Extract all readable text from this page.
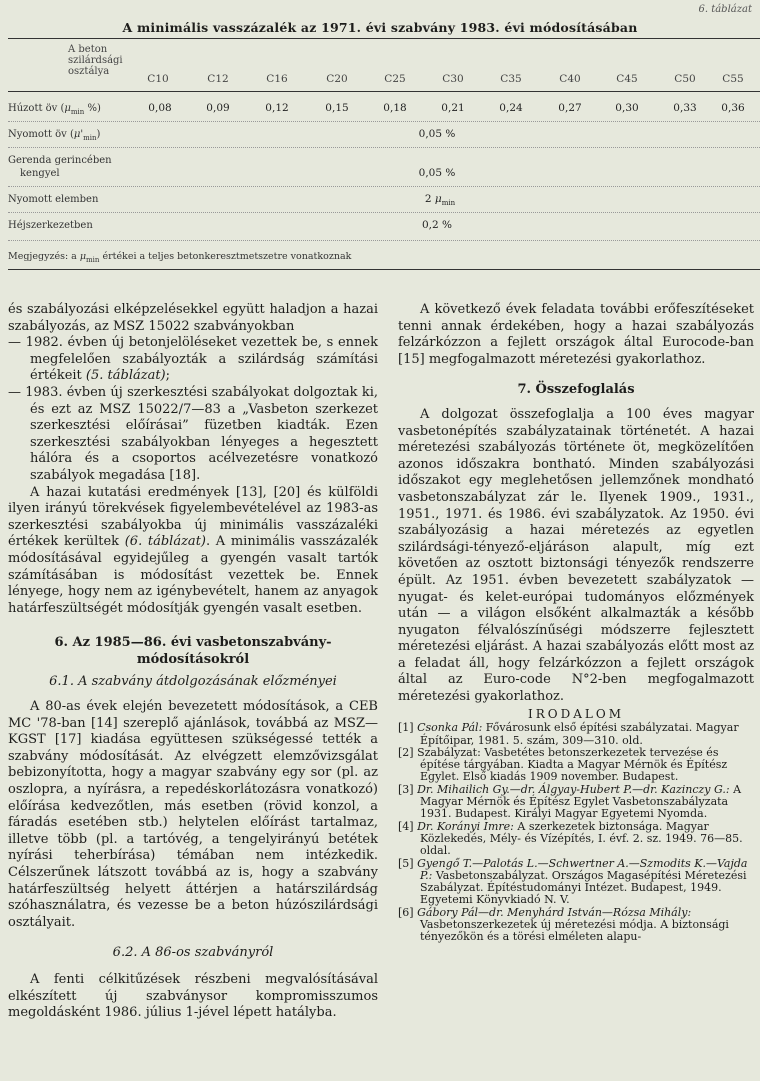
6. táblázat
A minimális vasszázalék az 1971. évi szabvány 1983. évi módosításában
A beton
szilárdsági
osztálya
C10	C12	C16	C20	C25	C30	C35	C40	C45	C50	C55
Húzott öv ($\mu_{min}$ %)	0,08	0,09	0,12	0,15	0,18	0,21	0,24	0,27	0,30	0,33 0,36
Nyomott öv $(\mu'_{min})$	0,05 %
Gerenda gerincében
kengyel	0,05 %
Nyomott elemben	2 $\mu_{min}$
Héjszerkezetben	0,2 %
Megjegyzés: a $\mu_{min}$ értékei a teljes betonkeresztmetszetre vonatkoznak

és szabályozási elképzelésekkel együtt haladjon a hazai szabályozás, az MSZ 15022 szabványokban

— 1982. évben új betonjelöléseket vezettek be, s ennek megfelelően szabályozták a szilárdság számítási értékeit (5. táblázat);

— 1983. évben új szerkesztési szabályokat dolgoztak ki, és ezt az MSZ 15022/7—83 a „Vasbeton szerkezet szerkesztési előírásai” füzetben kiadták. Ezen szerkesztési szabályokban lényeges a hegesztett hálóra és a csoportos acélvezetésre vonatkozó szabályok megadása [18].

A hazai kutatási eredmények [13], [20] és külföldi ilyen irányú törekvések figyelembevételével az 1983-as szerkesztési szabályokba új minimális vasszázaléki értékek kerültek (6. táblázat). A minimális vasszázalék módosításával egyidejűleg a gyengén vasalt tartók számításában is módosítást vezettek be. Ennek lényege, hogy nem az igénybevételt, hanem az anyagok határfeszültségét módosítják gyengén vasalt esetben.

6. Az 1985—86. évi vasbetonszabvány-módosításokról

6.1. A szabvány átdolgozásának előzményei

A 80-as évek elején bevezetett módosítások, a CEB MC '78-ban [14] szereplő ajánlások, továbbá az MSZ—KGST [17] kiadása együttesen szükségessé tették a szabvány módosítását. Az elvégzett elemzővizsgálat bebizonyította, hogy a magyar szabvány egy sor (pl. az oszlopra, a nyírásra, a repedéskorlátozásra vonatkozó) előírása kedvezőtlen, más esetben (rövid konzol, a fáradás esetében stb.) helytelen előírást tartalmaz, illetve több (pl. a tartóvég, a tengelyirányú betétek nyírási teherbírása) témában nem intézkedik. Célszerűnek látszott továbbá az is, hogy a szabvány határfeszültség helyett áttérjen a határszilárdság szóhasználatra, és vezesse be a beton húzószilárdsági osztályait.

6.2. A 86-os szabványról

A fenti célkitűzések részbeni megvalósításával elkészített új szabványsor kompromisszumos megoldásként 1986. július 1-jével lépett hatályba.

A következő évek feladata további erőfeszítéseket tenni annak érdekében, hogy a hazai szabályozás felzárkózzon a fejlett országok által Eurocode-ban [15] megfogalmazott méretezési gyakorlathoz.

7. Összefoglalás

A dolgozat összefoglalja a 100 éves magyar vasbetonépítés szabályzatainak történetét. A hazai méretezési szabályozás története öt, megközelítően azonos időszakra bontható. Minden szabályozási időszakot egy meglehetősen jellemzőnek mondható vasbetonszabályzat zár le. Ilyenek 1909., 1931., 1951., 1971. és 1986. évi szabályzatok. Az 1950. évi szabályozásig a hazai méretezés az egyetlen szilárdsági-tényező-eljáráson alapult, míg ezt követően az osztott biztonsági tényezők rendszerre épült. Az 1951. évben bevezetett szabályzatok — nyugat- és kelet-európai tudományos előzmények után — a világon elsőként alkalmazták a később nyugaton félvalószínűségi módszerre fejlesztett méretezési eljárást. A hazai szabályozás előtt most az a feladat áll, hogy felzárkózzon a fejlett országok által az Euro-code N°2-ben megfogalmazott méretezési gyakorlathoz.

IRODALOM

[1] Csonka Pál: Fővárosunk első építési szabályzatai. Magyar Építőipar, 1981. 5. szám, 309—310. old.

[2] Szabályzat: Vasbetétes betonszerkezetek tervezése és építése tárgyában. Kiadta a Magyar Mérnök és Építész Egylet. Első kiadás 1909 november. Budapest.

[3] Dr. Mihailich Gy.—dr. Álgyay-Hubert P.—dr. Kazinczy G.: A Magyar Mérnök és Építész Egylet Vasbetonszabályzata 1931. Budapest. Királyi Magyar Egyetemi Nyomda.

[4] Dr. Korányi Imre: A szerkezetek biztonsága. Magyar Közlekedés, Mély- és Vízépítés, I. évf. 2. sz. 1949. 76—85. oldal.

[5] Gyengő T.—Palotás L.—Schwertner A.—Szmodits K.—Vajda P.: Vasbetonszabályzat. Országos Magasépítési Méretezési Szabályzat. Építéstudományi Intézet. Budapest, 1949. Egyetemi Könyvkiadó N. V.

[6] Gábory Pál—dr. Menyhárd István—Rózsa Mihály: Vasbetonszerkezetek új méretezési módja. A biztonsági tényezőkön és a törési elméleten alapu-
